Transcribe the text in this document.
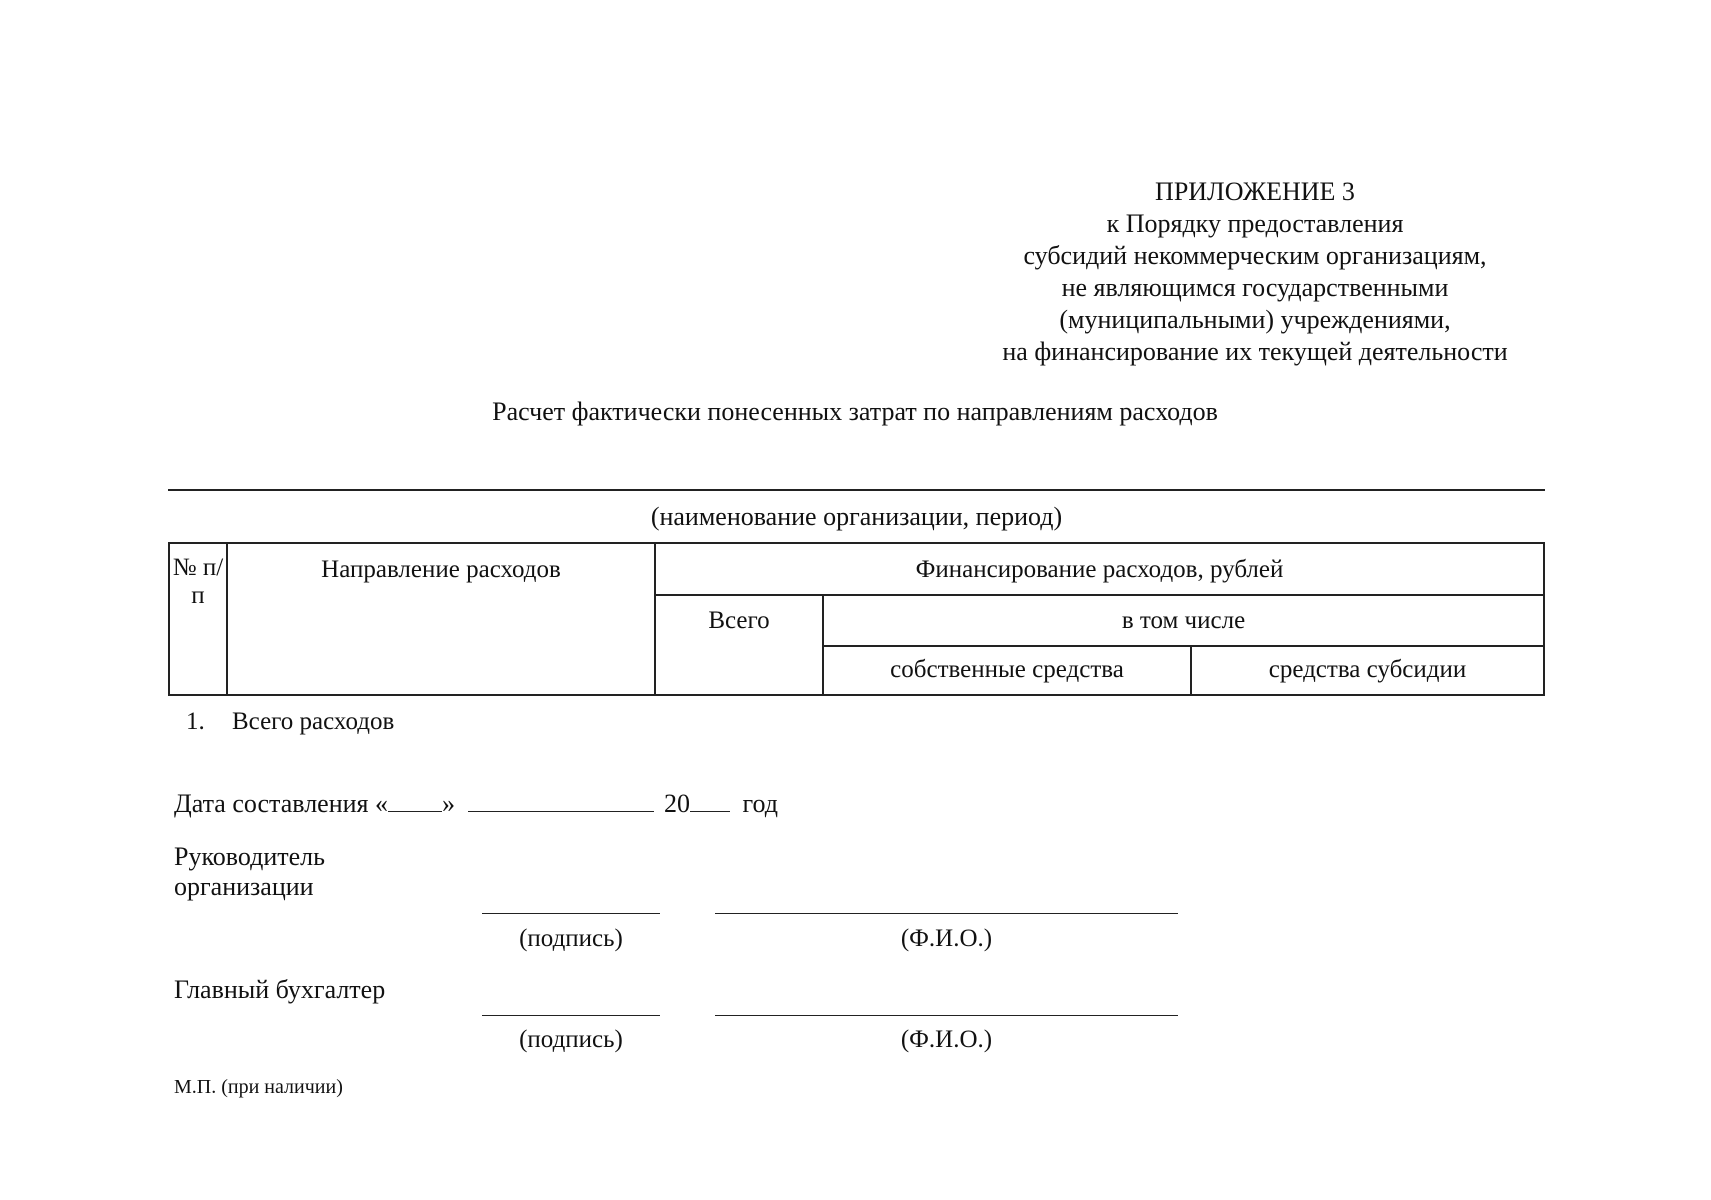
ПРИЛОЖЕНИЕ 3
к Порядку предоставления
субсидий некоммерческим организациям,
не являющимся государственными
(муниципальными) учреждениями,
на финансирование их текущей деятельности
Расчет фактически понесенных затрат по направлениям расходов
(наименование организации, период)
№ п/п
Направление расходов	Финансирование расходов, рублей
Всего	в том числе
собственные средства	средства субсидии
1. Всего расходов
Дата составления « »	20 год
Руководитель
организации
(подпись)	(Ф.И.О.)
Главный бухгалтер
(подпись)	(Ф.И.О.)
М.П. (при наличии)
